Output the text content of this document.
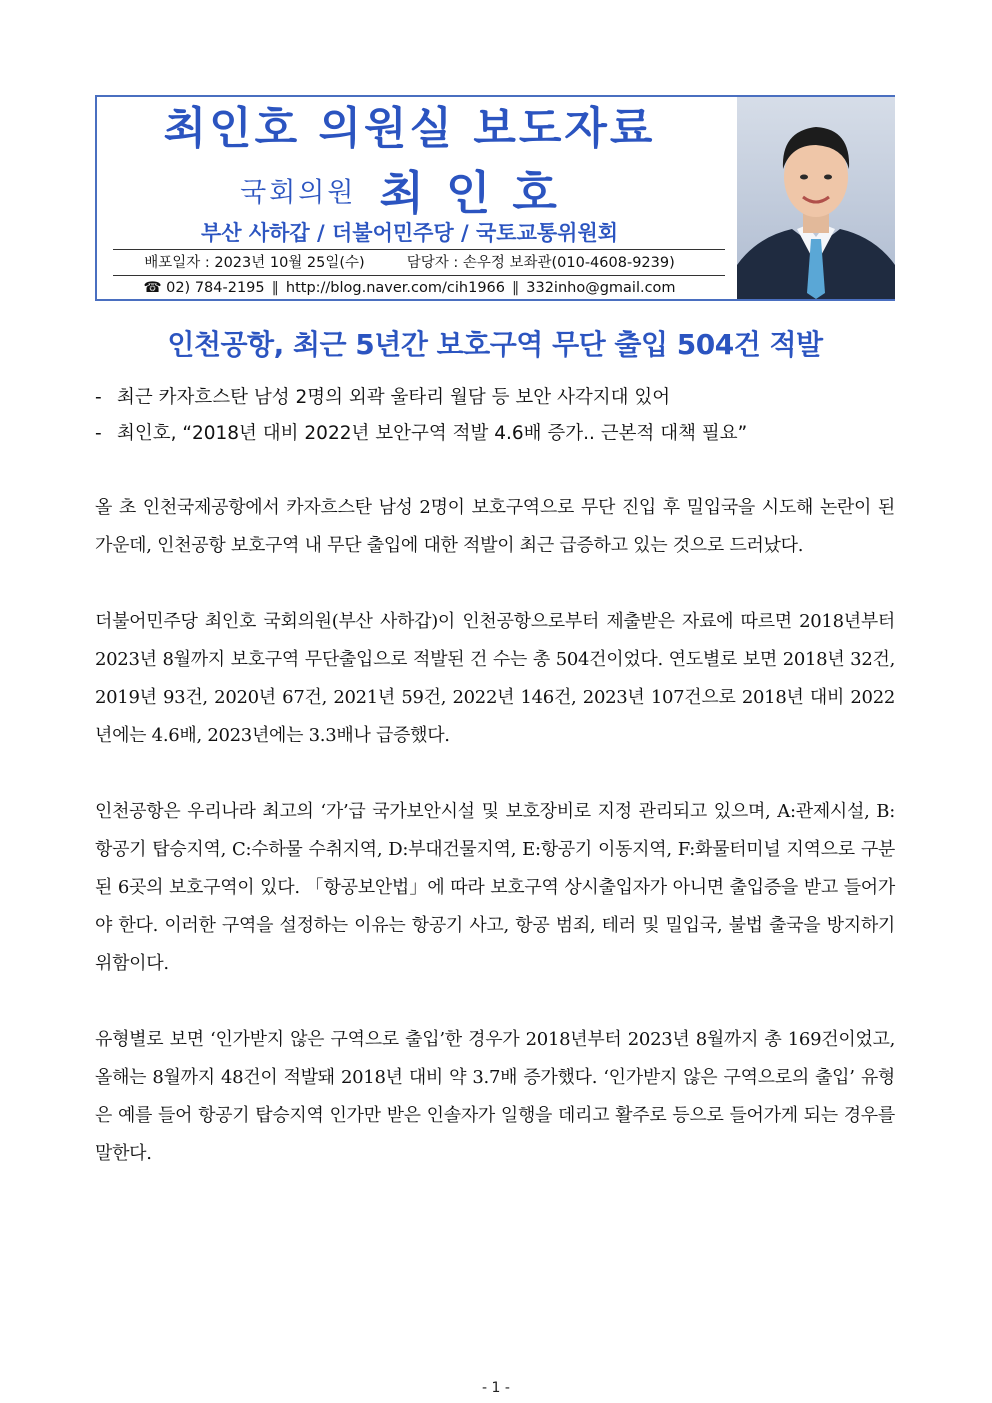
최인호 의원실 보도자료
국회의원 최인호
부산 사하갑 / 더불어민주당 / 국토교통위원회
배포일자 : 2023년 10월 25일(수)	담당자 : 손우정 보좌관(010-4608-9239)
☎ 02) 784-2195 ‖ http://blog.naver.com/cih1966 ‖ 332inho@gmail.com
인천공항, 최근 5년간 보호구역 무단 출입 504건 적발
- 최근 카자흐스탄 남성 2명의 외곽 울타리 월담 등 보안 사각지대 있어
- 최인호, “2018년 대비 2022년 보안구역 적발 4.6배 증가.. 근본적 대책 필요”

올 초 인천국제공항에서 카자흐스탄 남성 2명이 보호구역으로 무단 진입 후 밀입국을 시도해 논란이 된 가운데, 인천공항 보호구역 내 무단 출입에 대한 적발이 최근 급증하고 있는 것으로 드러났다.

더불어민주당 최인호 국회의원(부산 사하갑)이 인천공항으로부터 제출받은 자료에 따르면 2018년부터 2023년 8월까지 보호구역 무단출입으로 적발된 건 수는 총 504건이었다. 연도별로 보면 2018년 32건, 2019년 93건, 2020년 67건, 2021년 59건, 2022년 146건, 2023년 107건으로 2018년 대비 2022년에는 4.6배, 2023년에는 3.3배나 급증했다.

인천공항은 우리나라 최고의 ‘가’급 국가보안시설 및 보호장비로 지정 관리되고 있으며, A:관제시설, B:항공기 탑승지역, C:수하물 수취지역, D:부대건물지역, E:항공기 이동지역, F:화물터미널 지역으로 구분된 6곳의 보호구역이 있다. 「항공보안법」에 따라 보호구역 상시출입자가 아니면 출입증을 받고 들어가야 한다. 이러한 구역을 설정하는 이유는 항공기 사고, 항공 범죄, 테러 및 밀입국, 불법 출국을 방지하기 위함이다.

유형별로 보면 ‘인가받지 않은 구역으로 출입’한 경우가 2018년부터 2023년 8월까지 총 169건이었고, 올해는 8월까지 48건이 적발돼 2018년 대비 약 3.7배 증가했다. ‘인가받지 않은 구역으로의 출입’ 유형은 예를 들어 항공기 탑승지역 인가만 받은 인솔자가 일행을 데리고 활주로 등으로 들어가게 되는 경우를 말한다.

- 1 -
